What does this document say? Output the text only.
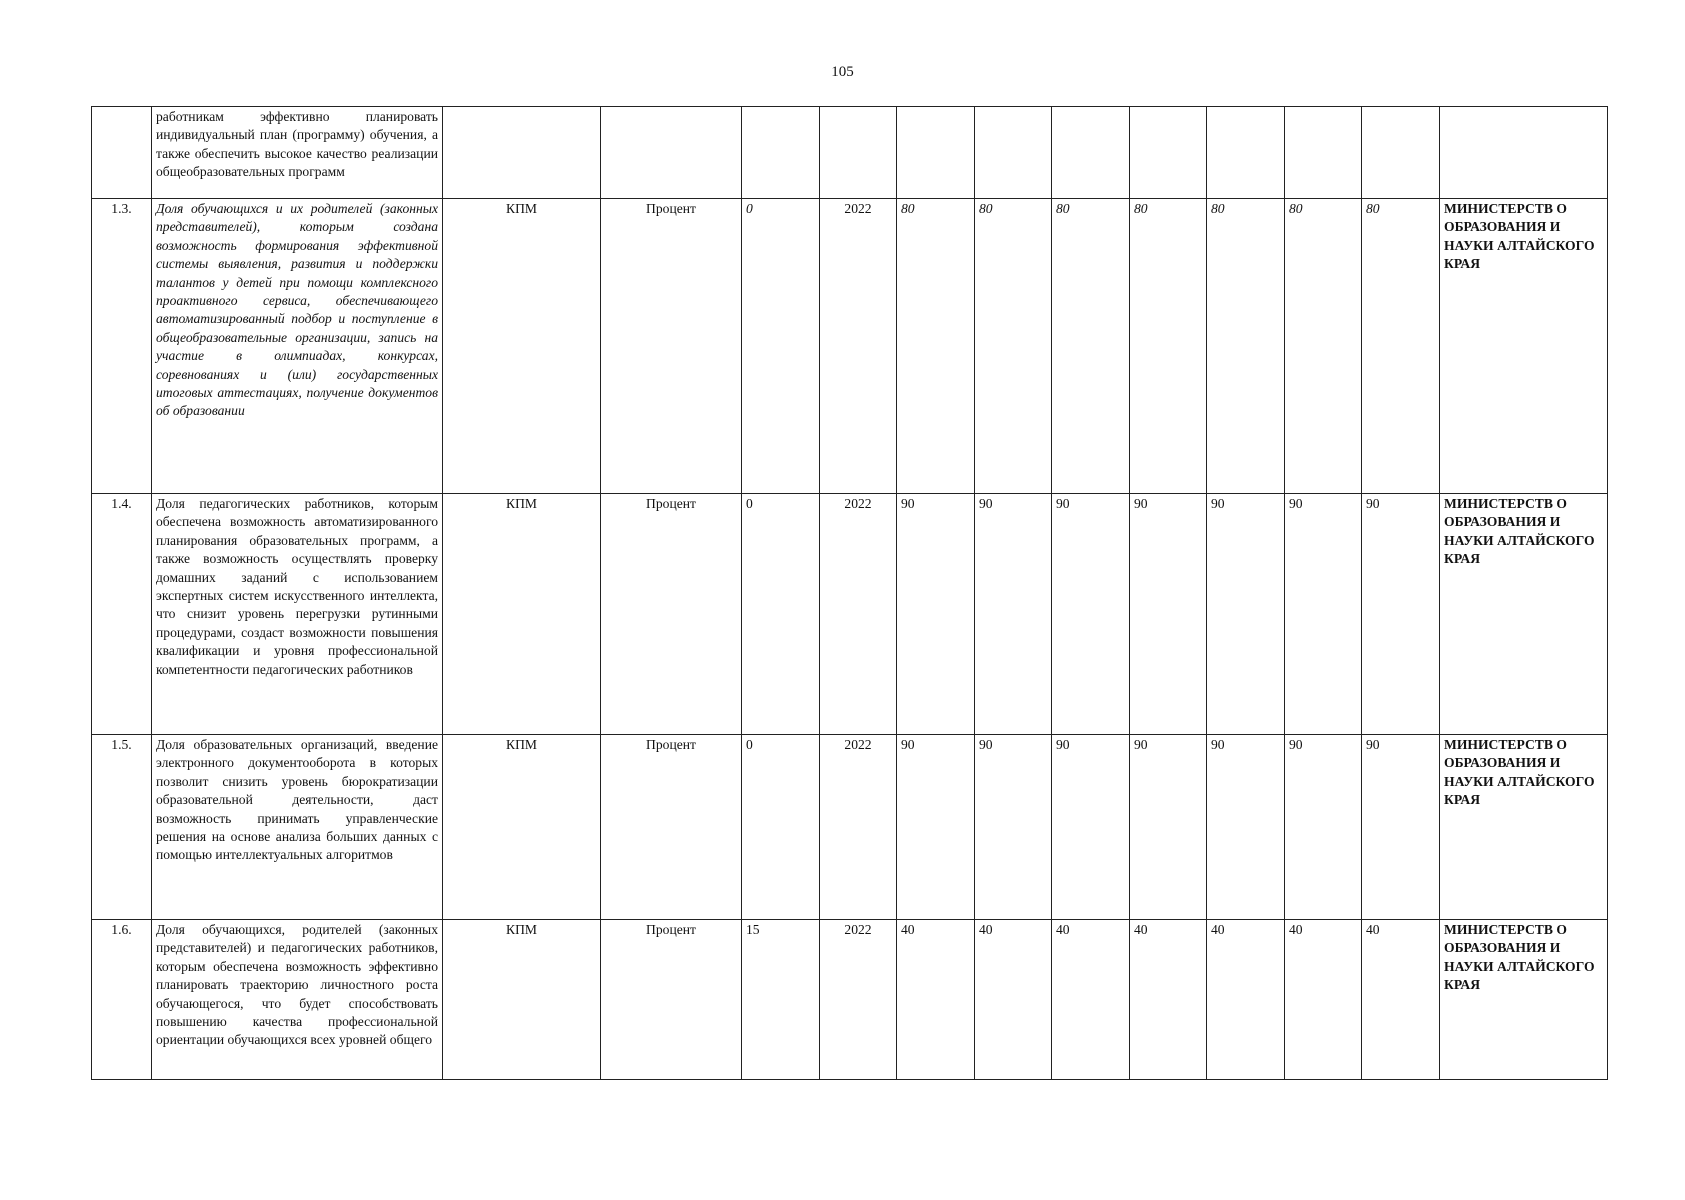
105

	работникам эффективно планировать индивидуальный план (программу) обучения, а также обеспечить высокое качество реализации общеобразовательных программ												

1.3.	Доля обучающихся и их родителей (законных представителей), которым создана возможность формирования эффективной системы выявления, развития и поддержки талантов у детей при помощи комплексного проактивного сервиса, обеспечивающего автоматизированный подбор и поступление в общеобразовательные организации, запись на участие в олимпиадах, конкурсах, соревнованиях и (или) государственных итоговых аттестациях, получение документов об образовании	КПМ	Процент	0	2022	80	80	80	80	80	80	80	МИНИСТЕРСТВ О ОБРАЗОВАНИЯ И НАУКИ АЛТАЙСКОГО КРАЯ

1.4.	Доля педагогических работников, которым обеспечена возможность автоматизированного планирования образовательных программ, а также возможность осуществлять проверку домашних заданий с использованием экспертных систем искусственного интеллекта, что снизит уровень перегрузки рутинными процедурами, создаст возможности повышения квалификации и уровня профессиональной компетентности педагогических работников	КПМ	Процент	0	2022	90	90	90	90	90	90	90	МИНИСТЕРСТВ О ОБРАЗОВАНИЯ И НАУКИ АЛТАЙСКОГО КРАЯ

1.5.	Доля образовательных организаций, введение электронного документооборота в которых позволит снизить уровень бюрократизации образовательной деятельности, даст возможность принимать управленческие решения на основе анализа больших данных с помощью интеллектуальных алгоритмов	КПМ	Процент	0	2022	90	90	90	90	90	90	90	МИНИСТЕРСТВ О ОБРАЗОВАНИЯ И НАУКИ АЛТАЙСКОГО КРАЯ

1.6.	Доля обучающихся, родителей (законных представителей) и педагогических работников, которым обеспечена возможность эффективно планировать траекторию личностного роста обучающегося, что будет способствовать повышению качества профессиональной ориентации обучающихся всех уровней общего	КПМ	Процент	15	2022	40	40	40	40	40	40	40	МИНИСТЕРСТВ О ОБРАЗОВАНИЯ И НАУКИ АЛТАЙСКОГО КРАЯ
